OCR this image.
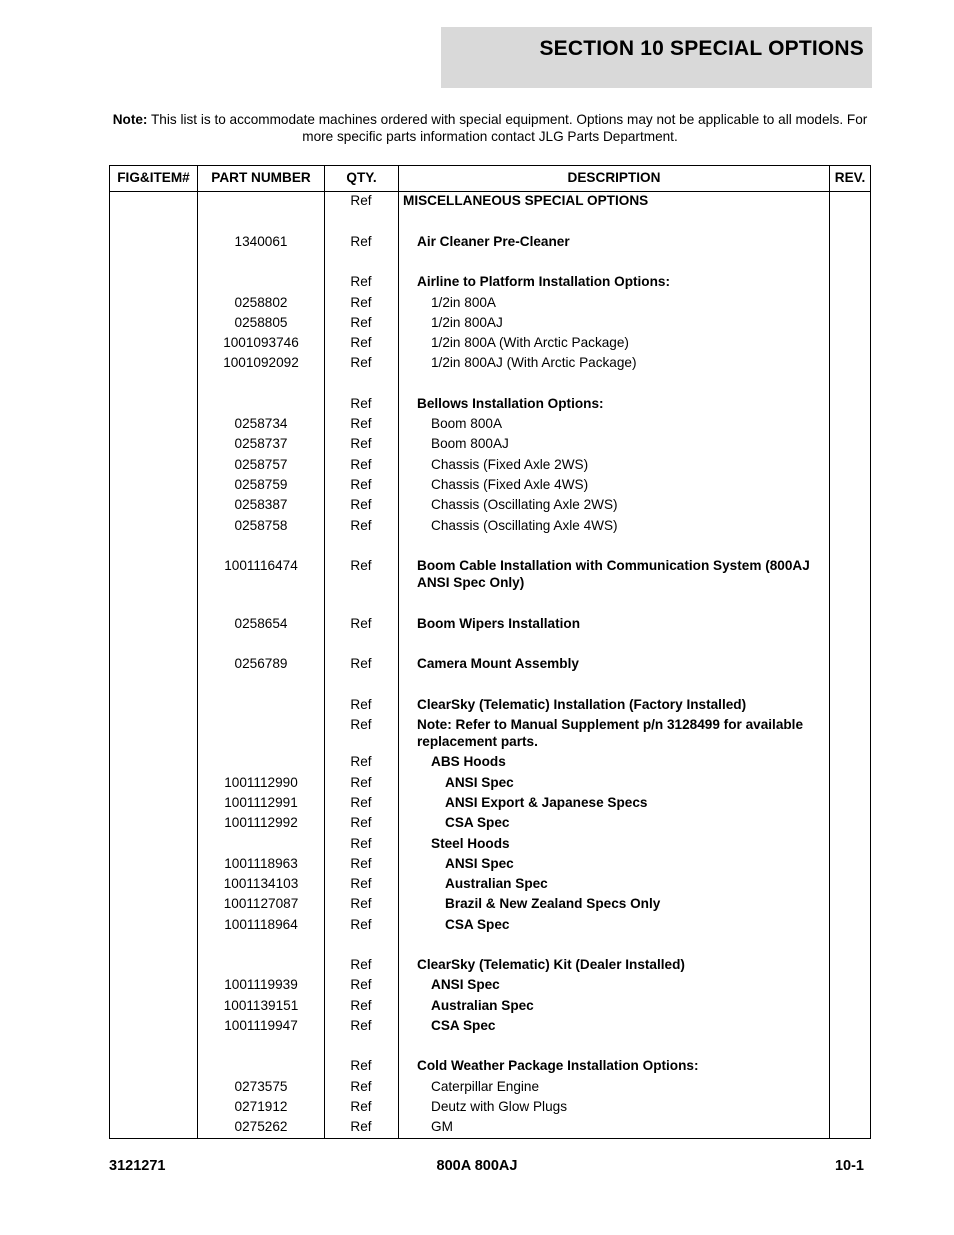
SECTION 10 SPECIAL OPTIONS
Note: This list is to accommodate machines ordered with special equipment. Options may not be applicable to all models. For more specific parts information contact JLG Parts Department.
FIG&ITEM#	PART NUMBER	QTY.	DESCRIPTION	REV.
Ref	MISCELLANEOUS SPECIAL OPTIONS
1340061	Ref	Air Cleaner Pre-Cleaner
Ref	Airline to Platform Installation Options:
0258802	Ref	1/2in 800A
0258805	Ref	1/2in 800AJ
1001093746	Ref	1/2in 800A (With Arctic Package)
1001092092	Ref	1/2in 800AJ (With Arctic Package)
Ref	Bellows Installation Options:
0258734	Ref	Boom 800A
0258737	Ref	Boom 800AJ
0258757	Ref	Chassis (Fixed Axle 2WS)
0258759	Ref	Chassis (Fixed Axle 4WS)
0258387	Ref	Chassis (Oscillating Axle 2WS)
0258758	Ref	Chassis (Oscillating Axle 4WS)
1001116474	Ref	Boom Cable Installation with Communication System (800AJ ANSI Spec Only)
0258654	Ref	Boom Wipers Installation
0256789	Ref	Camera Mount Assembly
Ref	ClearSky (Telematic) Installation (Factory Installed)
Ref	Note: Refer to Manual Supplement p/n 3128499 for available replacement parts.
Ref	ABS Hoods
1001112990	Ref	ANSI Spec
1001112991	Ref	ANSI Export & Japanese Specs
1001112992	Ref	CSA Spec
Ref	Steel Hoods
1001118963	Ref	ANSI Spec
1001134103	Ref	Australian Spec
1001127087	Ref	Brazil & New Zealand Specs Only
1001118964	Ref	CSA Spec
Ref	ClearSky (Telematic) Kit (Dealer Installed)
1001119939	Ref	ANSI Spec
1001139151	Ref	Australian Spec
1001119947	Ref	CSA Spec
Ref	Cold Weather Package Installation Options:
0273575	Ref	Caterpillar Engine
0271912	Ref	Deutz with Glow Plugs
0275262	Ref	GM
3121271	800A 800AJ	10-1
